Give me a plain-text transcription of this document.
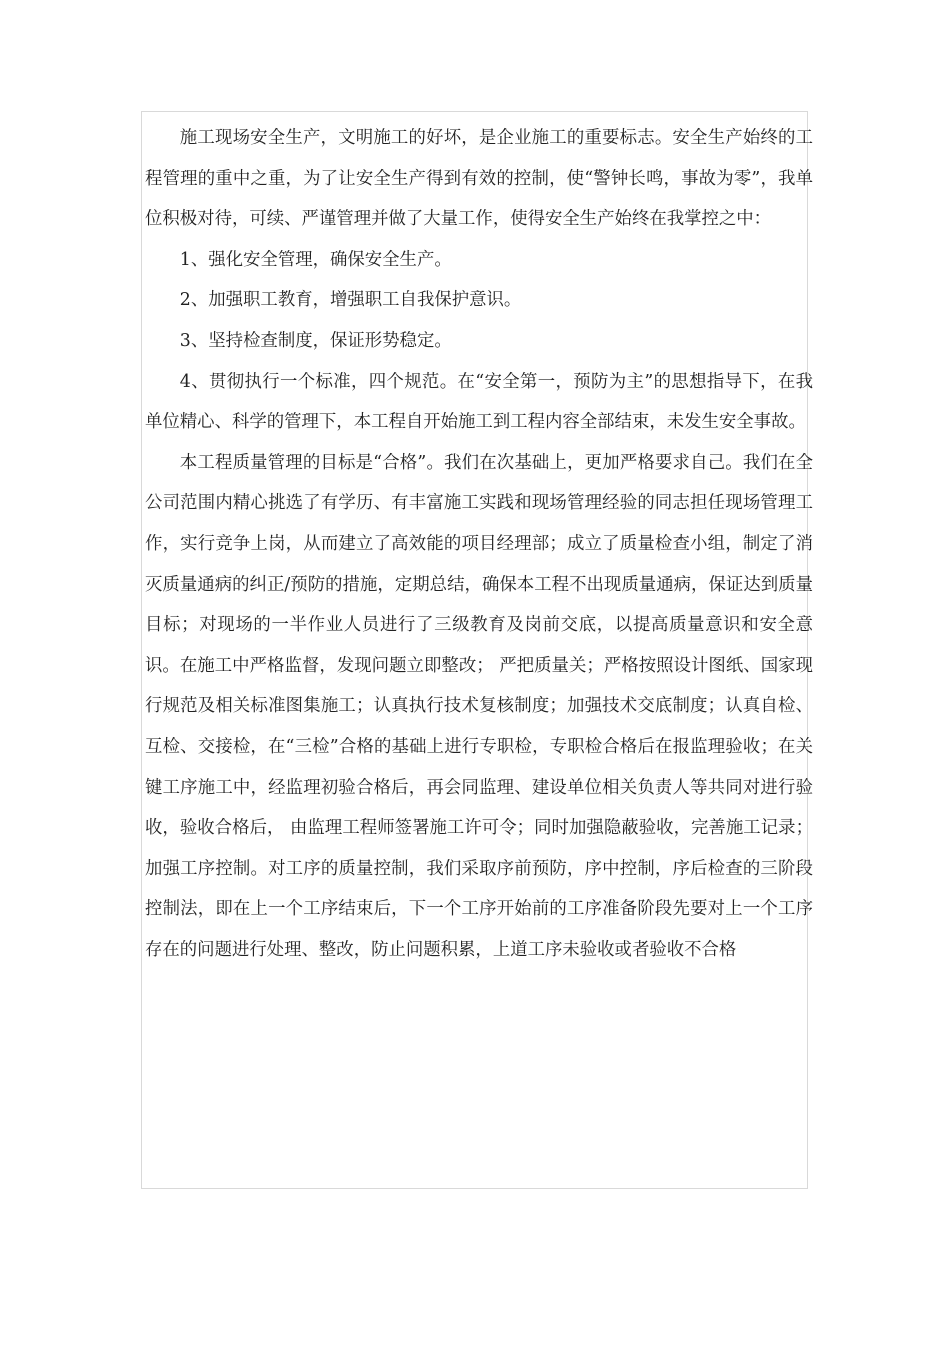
施工现场安全生产，文明施工的好坏，是企业施工的重要标志。安全生产始终的工程管理的重中之重，为了让安全生产得到有效的控制，使“警钟长鸣，事故为零”，我单位积极对待，可续、严谨管理并做了大量工作，使得安全生产始终在我掌控之中：

1、强化安全管理，确保安全生产。

2、加强职工教育，增强职工自我保护意识。

3、坚持检查制度，保证形势稳定。

4、贯彻执行一个标准，四个规范。在“安全第一，预防为主”的思想指导下，在我单位精心、科学的管理下，本工程自开始施工到工程内容全部结束，未发生安全事故。

本工程质量管理的目标是“合格”。我们在次基础上，更加严格要求自己。我们在全公司范围内精心挑选了有学历、有丰富施工实践和现场管理经验的同志担任现场管理工作，实行竞争上岗，从而建立了高效能的项目经理部；成立了质量检查小组，制定了消灭质量通病的纠正/预防的措施，定期总结，确保本工程不出现质量通病，保证达到质量目标；对现场的一半作业人员进行了三级教育及岗前交底，以提高质量意识和安全意识。在施工中严格监督，发现问题立即整改； 严把质量关；严格按照设计图纸、国家现行规范及相关标准图集施工；认真执行技术复核制度；加强技术交底制度；认真自检、互检、交接检，在“三检”合格的基础上进行专职检，专职检合格后在报监理验收；在关键工序施工中，经监理初验合格后，再会同监理、建设单位相关负责人等共同对进行验收，验收合格后， 由监理工程师签署施工许可令；同时加强隐蔽验收，完善施工记录；加强工序控制。对工序的质量控制，我们采取序前预防，序中控制，序后检查的三阶段控制法，即在上一个工序结束后，下一个工序开始前的工序准备阶段先要对上一个工序存在的问题进行处理、整改，防止问题积累，上道工序未验收或者验收不合格
